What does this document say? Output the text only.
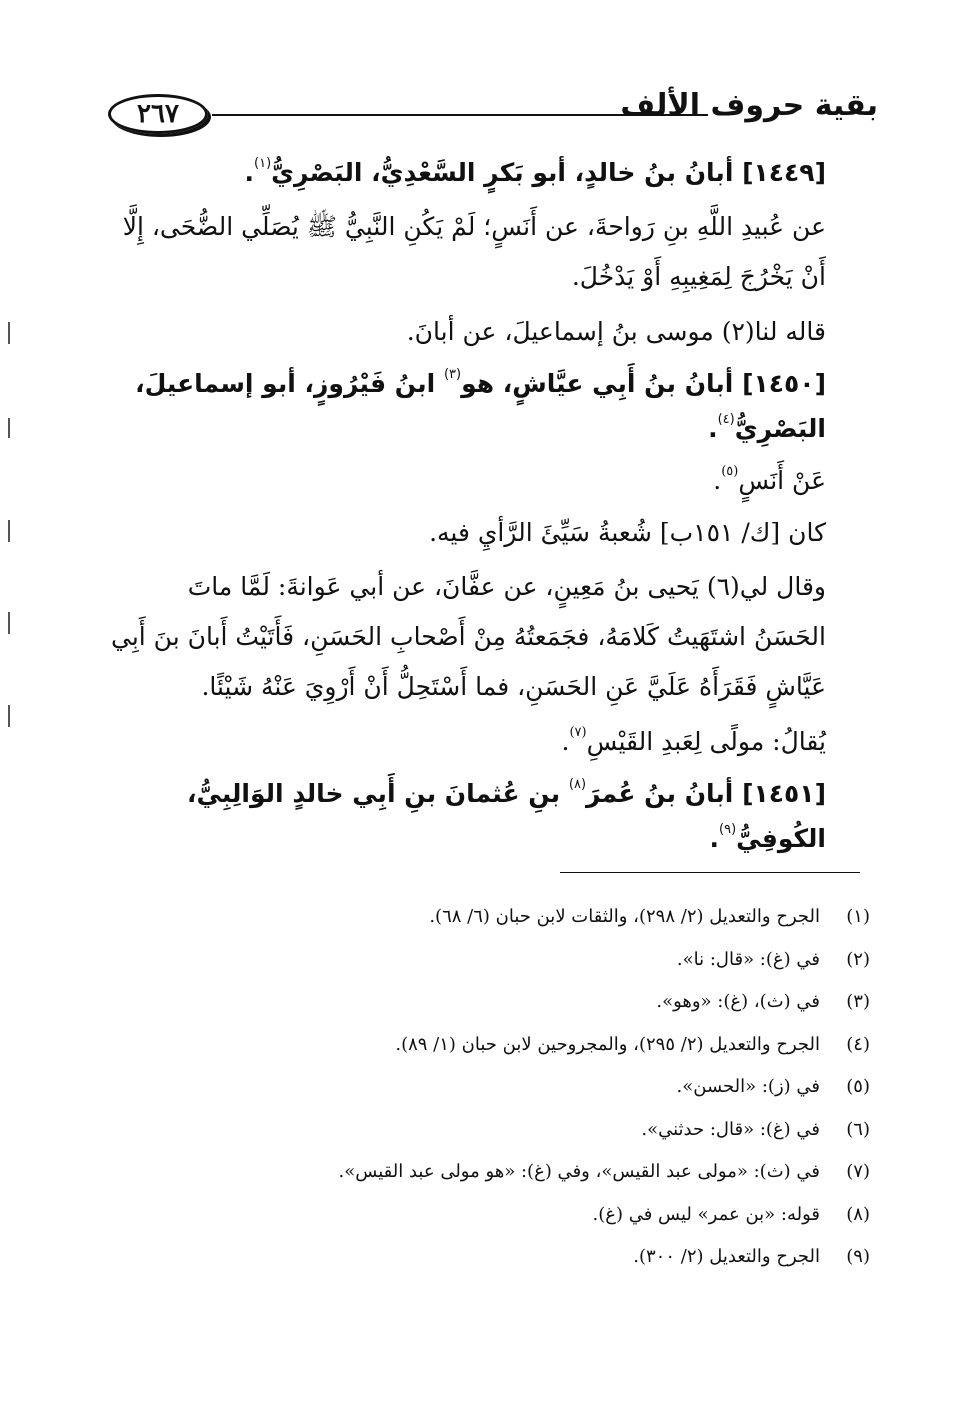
٢٦٧	بقية حروف الألف

[١٤٤٩] أبانُ بنُ خالدٍ، أبو بَكرٍ السَّعْدِيُّ، البَصْرِيُّ$^{(١)}$.

عن عُبيدِ اللَّهِ بنِ رَواحةَ، عن أَنَسٍ؛ لَمْ يَكُنِ النَّبِيُّ ﷺ يُصَلِّي الضُّحَى، إِلَّا أَنْ يَخْرُجَ لِمَغِيبِهِ أَوْ يَدْخُلَ.

قاله لنا(٢) موسى بنُ إسماعيلَ، عن أبانَ.

[١٤٥٠] أبانُ بنُ أَبِي عيَّاشٍ، هو$^{(٣)}$ ابنُ فَيْرُوزٍ، أبو إسماعيلَ، البَصْرِيُّ$^{(٤)}$.

عَنْ أَنَسٍ$^{(٥)}$.

كان [ك/ ١٥١ب] شُعبةُ سَيِّئَ الرَّأيِ فيه.

وقال لي(٦) يَحيى بنُ مَعِينٍ، عن عفَّانَ، عن أبي عَوانةَ: لَمَّا ماتَ الحَسَنُ اشتَهَيتُ كَلامَهُ، فجَمَعتُهُ مِنْ أَصْحابِ الحَسَنِ، فَأَتَيْتُ أَبانَ بنَ أَبِي عَيَّاشٍ فَقَرَأَهُ عَلَيَّ عَنِ الحَسَنِ، فما أَسْتَحِلُّ أَنْ أَرْوِيَ عَنْهُ شَيْئًا.

يُقالُ: مولًى لِعَبدِ القَيْسِ$^{(٧)}$.

[١٤٥١] أبانُ بنُ عُمرَ$^{(٨)}$ بنِ عُثمانَ بنِ أَبِي خالدٍ الوَالِبِيُّ، الكُوفِيُّ$^{(٩)}$.

(١)الجرح والتعديل (٢/ ٢٩٨)، والثقات لابن حبان (٦/ ٦٨).
(٢)في (غ): «قال: نا».
(٣)في (ث)، (غ): «وهو».
(٤)الجرح والتعديل (٢/ ٢٩٥)، والمجروحين لابن حبان (١/ ٨٩).
(٥)في (ز): «الحسن».
(٦)في (غ): «قال: حدثني».
(٧)في (ث): «مولى عبد القيس»، وفي (غ): «هو مولى عبد القيس».
(٨)قوله: «بن عمر» ليس في (غ).
(٩)الجرح والتعديل (٢/ ٣٠٠).
